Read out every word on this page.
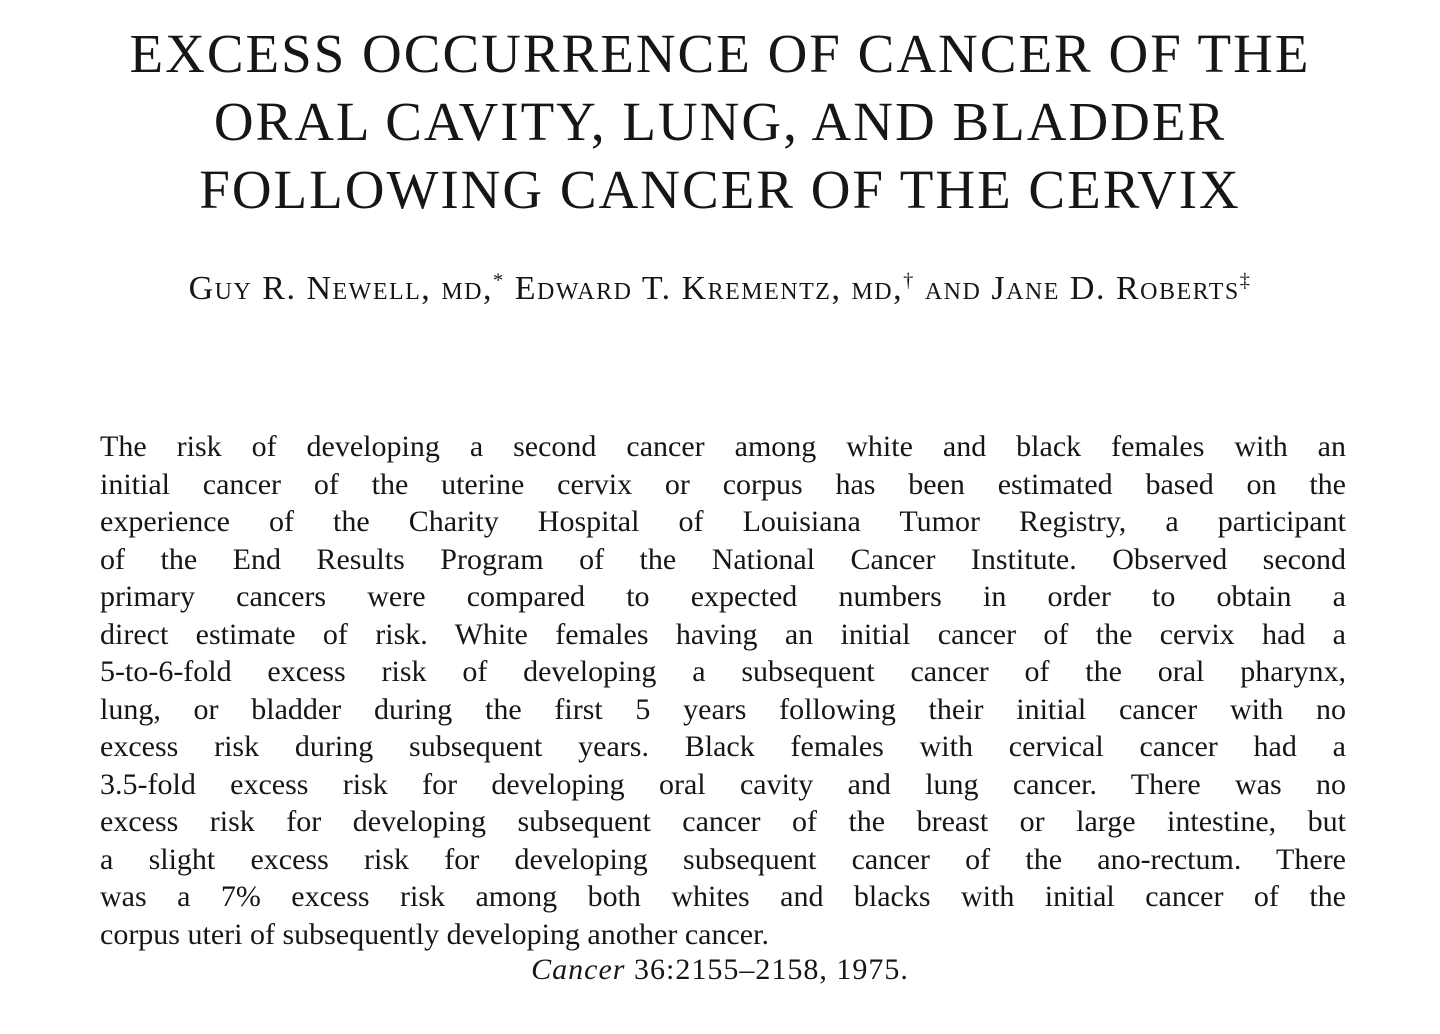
EXCESS OCCURRENCE OF CANCER OF THE
ORAL CAVITY, LUNG, AND BLADDER
FOLLOWING CANCER OF THE CERVIX

Guy R. Newell, md,* Edward T. Krementz, md,† and Jane D. Roberts‡

The risk of developing a second cancer among white and black females with an
initial cancer of the uterine cervix or corpus has been estimated based on the
experience of the Charity Hospital of Louisiana Tumor Registry, a participant
of the End Results Program of the National Cancer Institute. Observed second
primary cancers were compared to expected numbers in order to obtain a
direct estimate of risk. White females having an initial cancer of the cervix had a
5-to-6-fold excess risk of developing a subsequent cancer of the oral pharynx,
lung, or bladder during the first 5 years following their initial cancer with no
excess risk during subsequent years. Black females with cervical cancer had a
3.5-fold excess risk for developing oral cavity and lung cancer. There was no
excess risk for developing subsequent cancer of the breast or large intestine, but
a slight excess risk for developing subsequent cancer of the ano-rectum. There
was a 7% excess risk among both whites and blacks with initial cancer of the
corpus uteri of subsequently developing another cancer.

Cancer 36:2155–2158, 1975.
